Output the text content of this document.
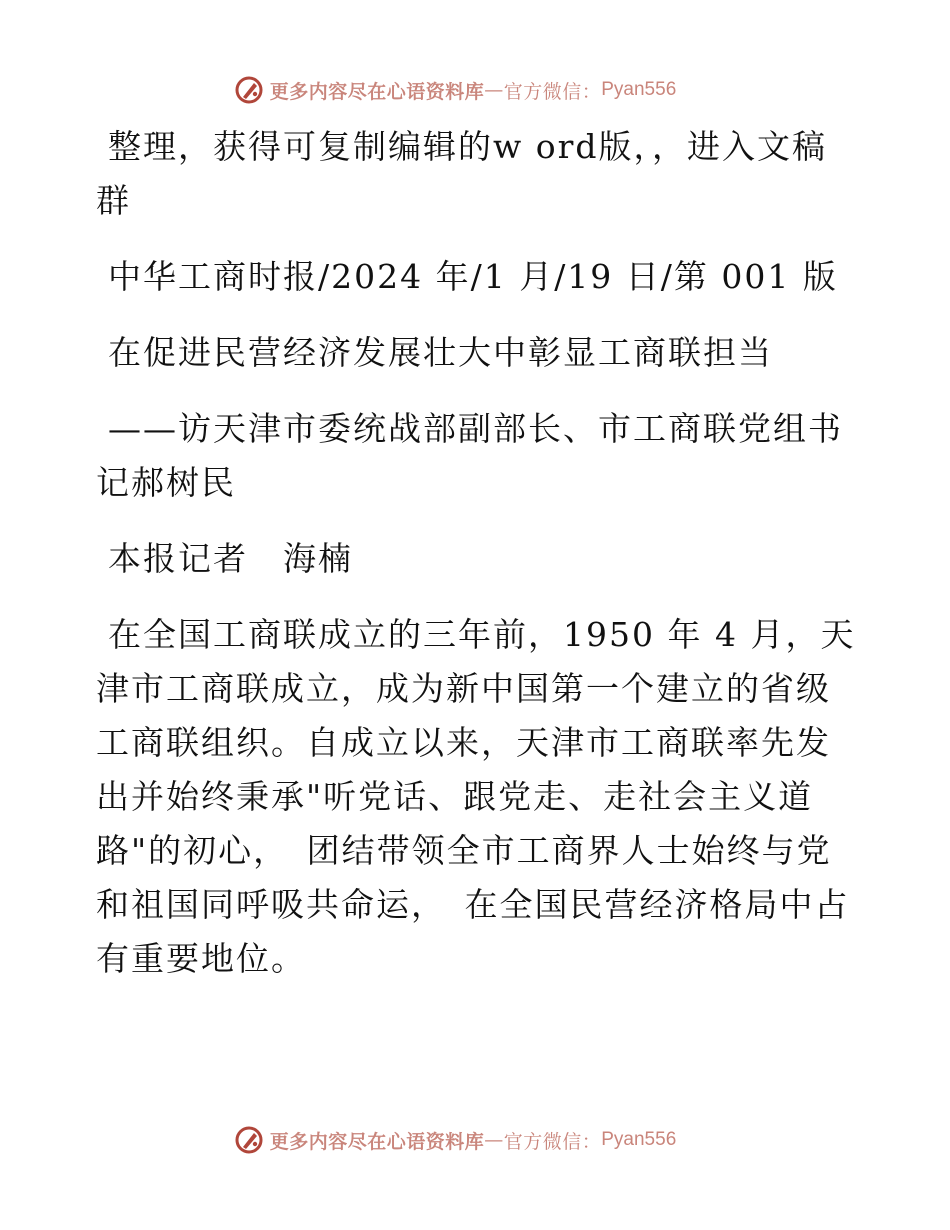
更多内容尽在心语资料库 — 官方微信： Pyan556

整理，获得可复制编辑的w ord版，，进入文稿群

中华工商时报/2024 年/1 月/19 日/第 001 版

在促进民营经济发展壮大中彰显工商联担当

——访天津市委统战部副部长、市工商联党组书记郝树民

本报记者　海楠

在全国工商联成立的三年前，1950 年 4 月，天津市工商联成立，成为新中国第一个建立的省级工商联组织。自成立以来，天津市工商联率先发出并始终秉承"听党话、跟党走、走社会主义道路"的初心，　团结带领全市工商界人士始终与党和祖国同呼吸共命运，　在全国民营经济格局中占有重要地位。

更多内容尽在心语资料库 — 官方微信： Pyan556
